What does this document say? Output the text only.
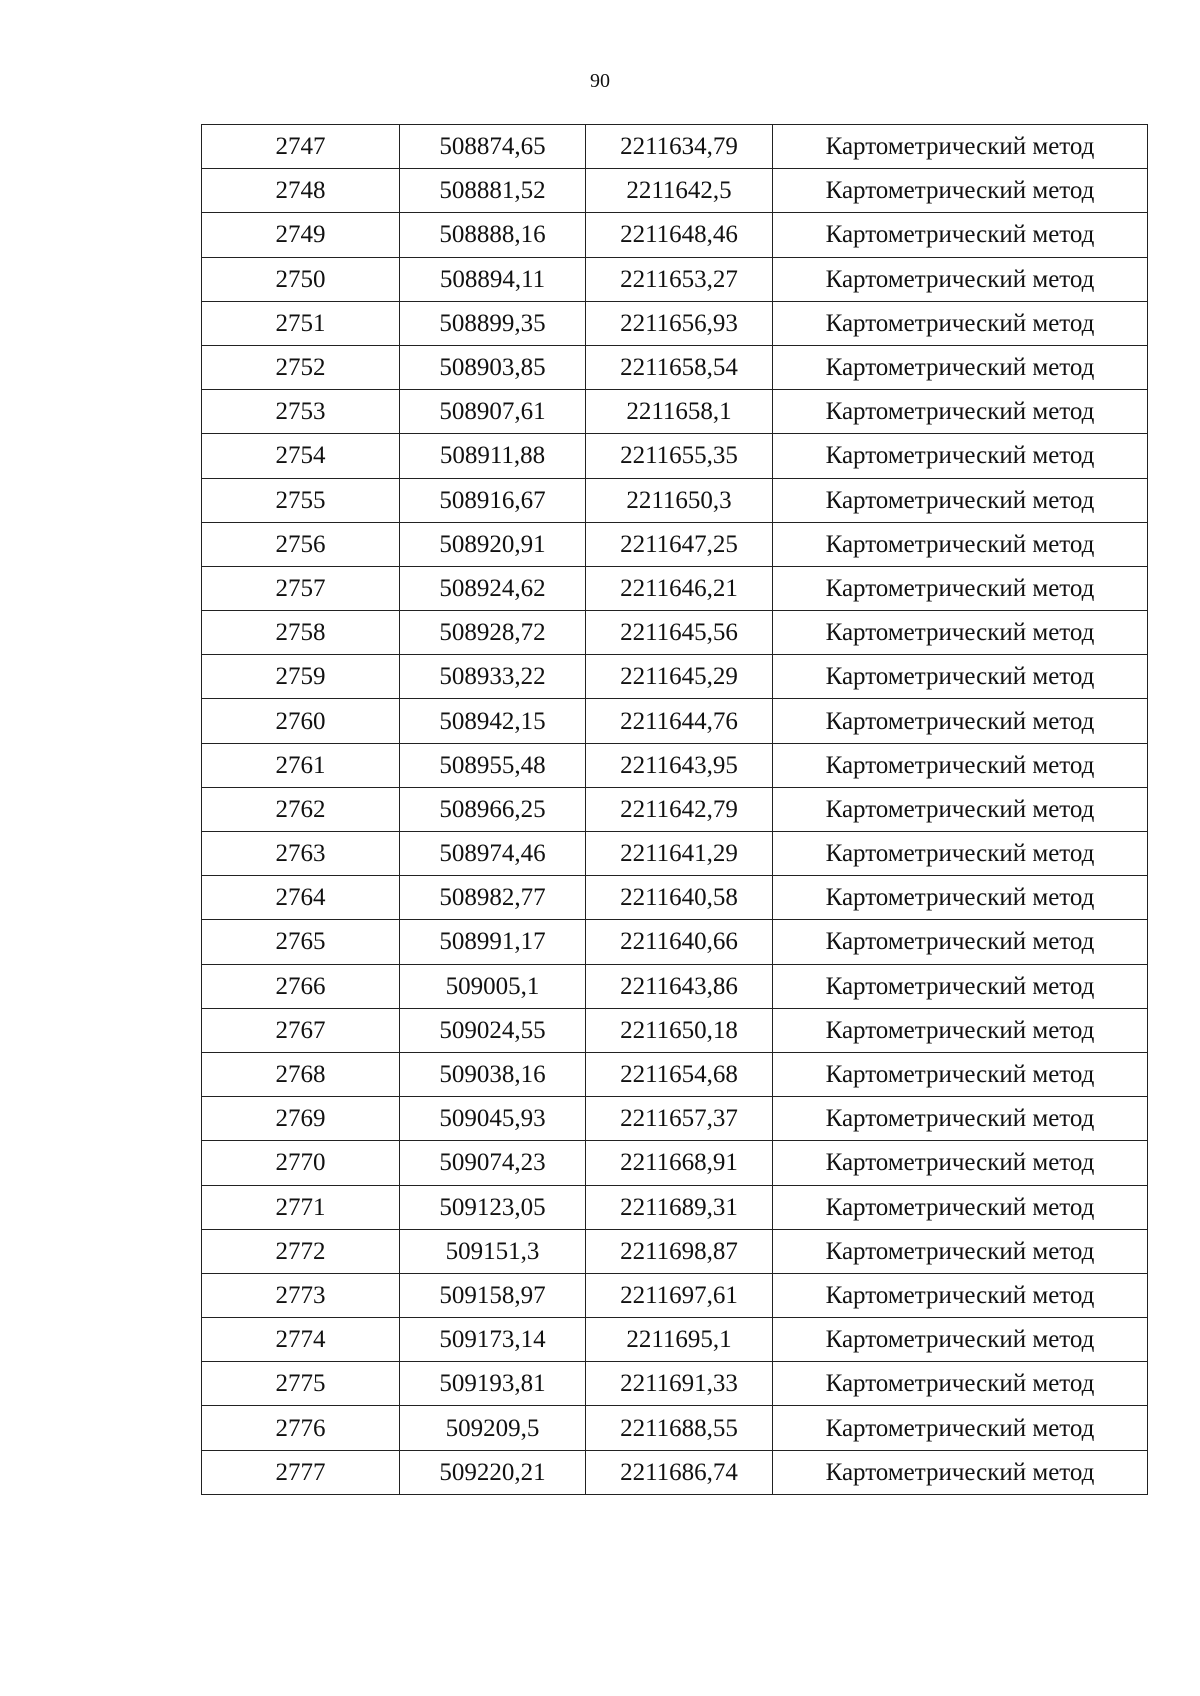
90
2747	508874,65	2211634,79	Картометрический метод
2748	508881,52	2211642,5	Картометрический метод
2749	508888,16	2211648,46	Картометрический метод
2750	508894,11	2211653,27	Картометрический метод
2751	508899,35	2211656,93	Картометрический метод
2752	508903,85	2211658,54	Картометрический метод
2753	508907,61	2211658,1	Картометрический метод
2754	508911,88	2211655,35	Картометрический метод
2755	508916,67	2211650,3	Картометрический метод
2756	508920,91	2211647,25	Картометрический метод
2757	508924,62	2211646,21	Картометрический метод
2758	508928,72	2211645,56	Картометрический метод
2759	508933,22	2211645,29	Картометрический метод
2760	508942,15	2211644,76	Картометрический метод
2761	508955,48	2211643,95	Картометрический метод
2762	508966,25	2211642,79	Картометрический метод
2763	508974,46	2211641,29	Картометрический метод
2764	508982,77	2211640,58	Картометрический метод
2765	508991,17	2211640,66	Картометрический метод
2766	509005,1	2211643,86	Картометрический метод
2767	509024,55	2211650,18	Картометрический метод
2768	509038,16	2211654,68	Картометрический метод
2769	509045,93	2211657,37	Картометрический метод
2770	509074,23	2211668,91	Картометрический метод
2771	509123,05	2211689,31	Картометрический метод
2772	509151,3	2211698,87	Картометрический метод
2773	509158,97	2211697,61	Картометрический метод
2774	509173,14	2211695,1	Картометрический метод
2775	509193,81	2211691,33	Картометрический метод
2776	509209,5	2211688,55	Картометрический метод
2777	509220,21	2211686,74	Картометрический метод
